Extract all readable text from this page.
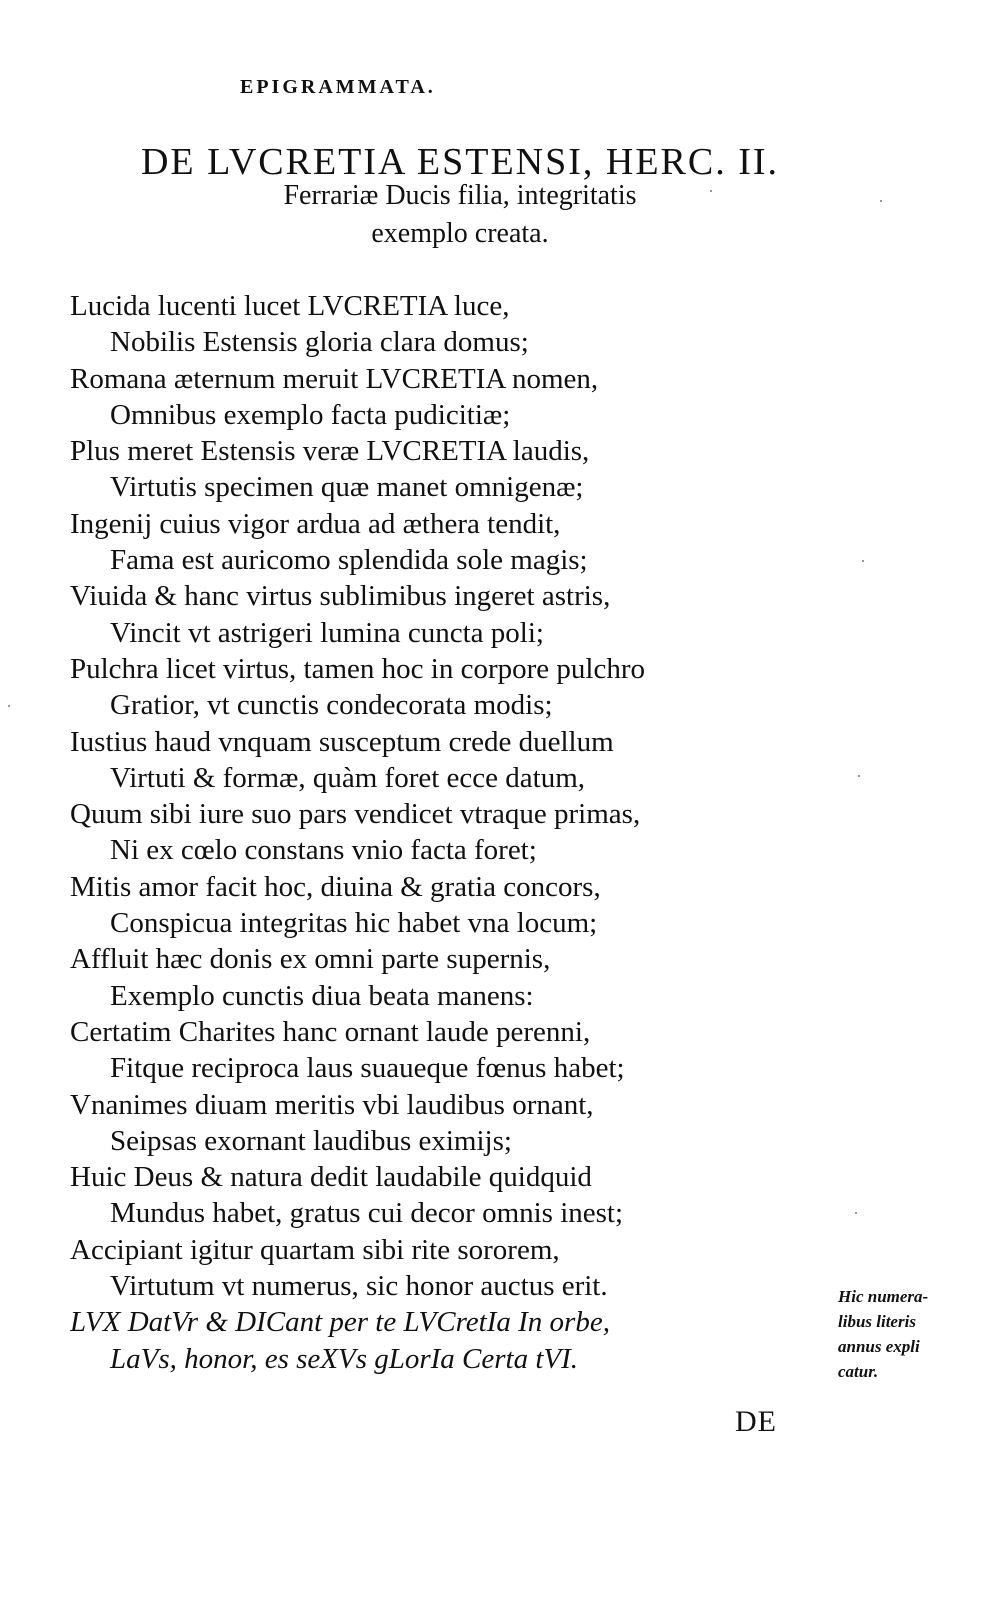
EPIGRAMMATA.
DE LVCRETIA ESTENSI, HERC. II.
Ferrariæ Ducis filia, integritatis
exemplo creata.
Lucida lucenti lucet LVCRETIA luce,
Nobilis Estensis gloria clara domus;
Romana æternum meruit LVCRETIA nomen,
Omnibus exemplo facta pudicitiæ;
Plus meret Estensis veræ LVCRETIA laudis,
Virtutis specimen quæ manet omnigenæ;
Ingenij cuius vigor ardua ad æthera tendit,
Fama est auricomo splendida sole magis;
Viuida & hanc virtus sublimibus ingeret astris,
Vincit vt astrigeri lumina cuncta poli;
Pulchra licet virtus, tamen hoc in corpore pulchro
Gratior, vt cunctis condecorata modis;
Iustius haud vnquam susceptum crede duellum
Virtuti & formæ, quàm foret ecce datum,
Quum sibi iure suo pars vendicet vtraque primas,
Ni ex cœlo constans vnio facta foret;
Mitis amor facit hoc, diuina & gratia concors,
Conspicua integritas hic habet vna locum;
Affluit hæc donis ex omni parte supernis,
Exemplo cunctis diua beata manens:
Certatim Charites hanc ornant laude perenni,
Fitque reciproca laus suaueque fœnus habet;
Vnanimes diuam meritis vbi laudibus ornant,
Seipsas exornant laudibus eximijs;
Huic Deus & natura dedit laudabile quidquid
Mundus habet, gratus cui decor omnis inest;
Accipiant igitur quartam sibi rite sororem,
Virtutum vt numerus, sic honor auctus erit.
LVX DatVr & DICant per te LVCretIa In orbe,
LaVs, honor, es seXVs gLorIa Certa tVI.
Hic numera-
libus literis
annus expli
catur.
DE
